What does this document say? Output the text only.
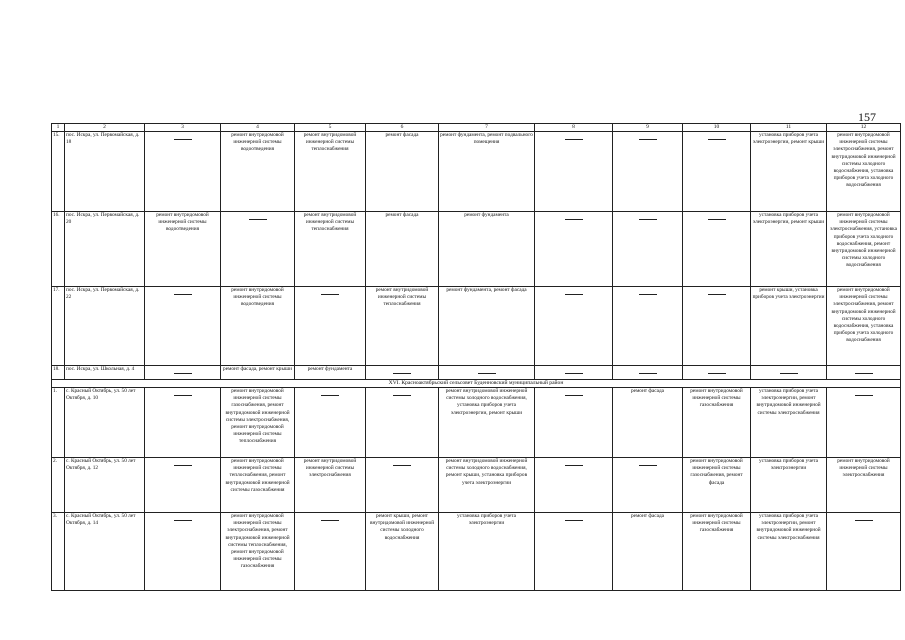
157
1	2	3	4	5	6	7	8	9	10	11	12
15.	пос. Искра, ул. Первомайская, д. 18		ремонт внутридомовой инженерной системы водоотведения	ремонт внутридомовой инженерной системы теплоснабжения	ремонт фасада	ремонт фундамента, ремонт подвального помещения				установка приборов учета электроэнергии, ремонт крыши	ремонт внутридомовой инженерной системы электроснабжения, ремонт внутридомовой инженерной системы холодного водоснабжения, установка приборов учета холодного водоснабжения
16.	пос. Искра, ул. Первомайская, д. 20	ремонт внутридомовой инженерной системы водоотведения		ремонт внутридомовой инженерной системы теплоснабжения	ремонт фасада	ремонт фундамента				установка приборов учета электроэнергии, ремонт крыши	ремонт внутридомовой инженерной системы электроснабжения, установка приборов учета холодного водоснабжения, ремонт внутридомовой инженерной системы холодного водоснабжения
17.	пос. Искра, ул. Первомайская, д. 22		ремонт внутридомовой инженерной системы водоотведения		ремонт внутридомовой инженерной системы теплоснабжения	ремонт фундамента, ремонт фасада				ремонт крыши, установка приборов учета электроэнергии	ремонт внутридомовой инженерной системы электроснабжения, ремонт внутридомовой инженерной системы холодного водоснабжения, установка приборов учета холодного водоснабжения
18.	пос. Искра, ул. Школьная, д. 4		ремонт фасада, ремонт крыши	ремонт фундамента							
XVI. Красноактябрьский сельсовет Буденновский муниципальный район											
1.	с. Красный Октябрь, ул. 50 лет Октября, д. 10		ремонт внутридомовой инженерной системы газоснабжения, ремонт внутридомовой инженерной системы электроснабжения, ремонт внутридомовой инженерной системы теплоснабжения			ремонт внутридомовой инженерной системы холодного водоснабжения, установка приборов учета электроэнергии, ремонт крыши		ремонт фасада	ремонт внутридомовой инженерной системы газоснабжения	установка приборов учета электроэнергии, ремонт внутридомовой инженерной системы электроснабжения	
2.	с. Красный Октябрь, ул. 50 лет Октября, д. 12		ремонт внутридомовой инженерной системы теплоснабжения, ремонт внутридомовой инженерной системы газоснабжения	ремонт внутридомовой инженерной системы электроснабжения		ремонт внутридомовой инженерной системы холодного водоснабжения, ремонт крыши, установка приборов учета электроэнергии			ремонт внутридомовой инженерной системы газоснабжения, ремонт фасада	установка приборов учета электроэнергии	ремонт внутридомовой инженерной системы электроснабжения
3.	с. Красный Октябрь, ул. 50 лет Октября, д. 14		ремонт внутридомовой инженерной системы электроснабжения, ремонт внутридомовой инженерной системы теплоснабжения, ремонт внутридомовой инженерной системы газоснабжения		ремонт крыши, ремонт внутридомовой инженерной системы холодного водоснабжения	установка приборов учета электроэнергии		ремонт фасада	ремонт внутридомовой инженерной системы газоснабжения	установка приборов учета электроэнергии, ремонт внутридомовой инженерной системы электроснабжения	
